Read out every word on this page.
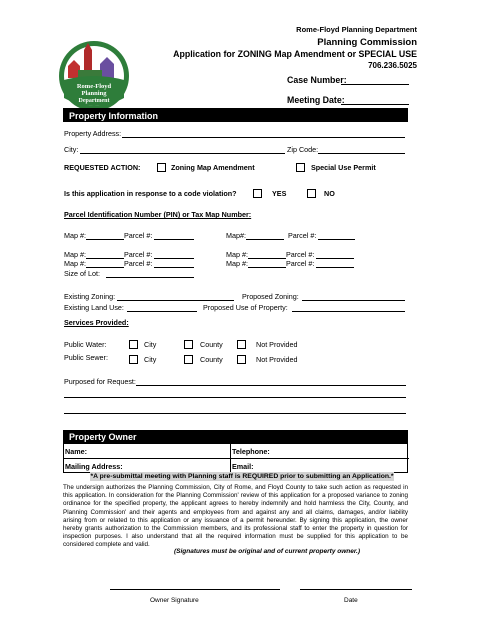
Rome-Floyd
Planning
Department
Rome-Floyd Planning Department
Planning Commission
Application for ZONING Map Amendment or SPECIAL USE
706.236.5025
Case Number:
Meeting Date:
Property Information
Property Address:
City:	Zip Code:
REQUESTED ACTION:	Zoning Map Amendment	Special Use Permit
Is this application in response to a code violation?	YES	NO
Parcel Identification Number (PIN) or Tax Map Number:
Map #:	Parcel #:	Map#:	Parcel #:
Map #:	Parcel #:	Map #:	Parcel #:
Map #:	Parcel #:	Map #:	Parcel #:
Size of Lot:
Existing Zoning:	Proposed Zoning:
Existing Land Use:	Proposed Use of Property:
Services Provided:
Public Water:	City	County	Not Provided
Public Sewer:	City	County	Not Provided
Purposed for Request:
Property Owner
Name:	Telephone:
Mailing Address:	Email:
*A pre-submittal meeting with Planning staff is REQUIRED prior to submitting an Application.*
The undersign authorizes the Planning Commission, City of Rome, and Floyd County to take such action as requested in this application. In consideration for the Planning Commission' review of this application for a proposed variance to zoning ordinance for the specified property, the applicant agrees to hereby indemnify and hold harmless the City, County, and Planning Commission' and their agents and employees from and against any and all claims, damages, and/or liability arising from or related to this application or any issuance of a permit hereunder. By signing this application, the owner hereby grants authorization to the Commission members, and its professional staff to enter the property in question for inspection purposes. I also understand that all the required information must be supplied for this application to be considered complete and valid.
(Signatures must be original and of current property owner.)
Owner Signature	Date
